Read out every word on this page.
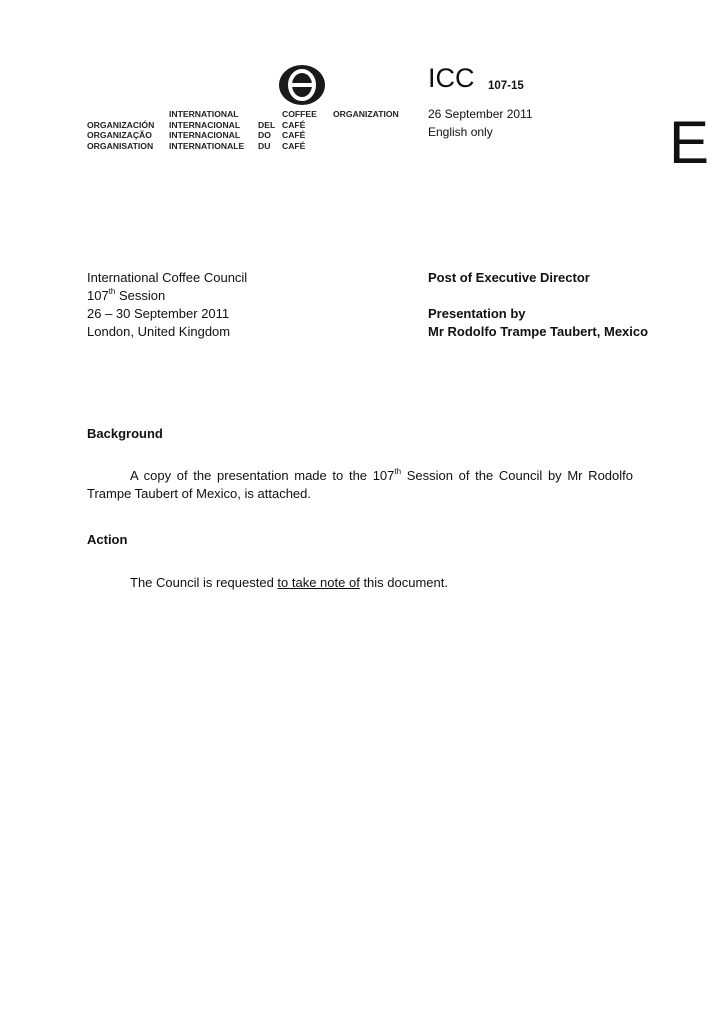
INTERNATIONAL	COFFEE ORGANIZATION
ORGANIZACIÓN INTERNACIONAL DEL CAFÉ
ORGANIZAÇÃO INTERNACIONAL DO CAFÉ
ORGANISATION INTERNATIONALE DU CAFÉ
ICC 107-15
26 September 2011
English only	E
International Coffee Council
107th Session
26 – 30 September 2011
London, United Kingdom
Post of Executive Director
Presentation by
Mr Rodolfo Trampe Taubert, Mexico
Background
A copy of the presentation made to the 107th Session of the Council by Mr Rodolfo
Trampe Taubert of Mexico, is attached.
Action
The Council is requested to take note of this document.
